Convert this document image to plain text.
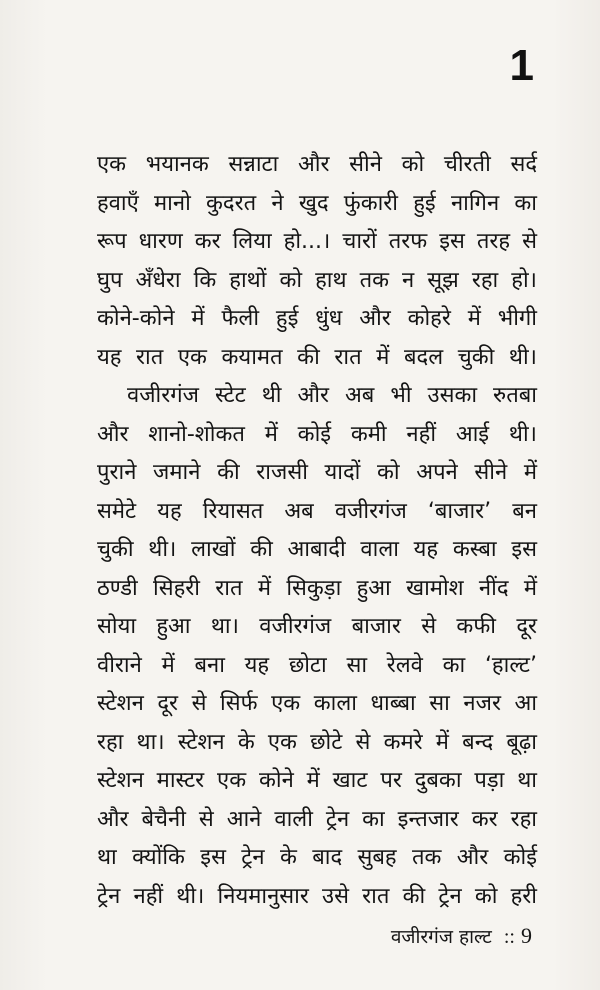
1
एक भयानक सन्नाटा और सीने को चीरती सर्द
हवाएँ मानो कुदरत ने खुद फुंकारी हुई नागिन का
रूप धारण कर लिया हो...। चारों तरफ इस तरह से
घुप अँधेरा कि हाथों को हाथ तक न सूझ रहा हो।
कोने-कोने में फैली हुई धुंध और कोहरे में भीगी
यह रात एक कयामत की रात में बदल चुकी थी।
वजीरगंज स्टेट थी और अब भी उसका रुतबा
और शानो-शोकत में कोई कमी नहीं आई थी।
पुराने जमाने की राजसी यादों को अपने सीने में
समेटे यह रियासत अब वजीरगंज ‘बाजार’ बन
चुकी थी। लाखों की आबादी वाला यह कस्बा इस
ठण्डी सिहरी रात में सिकुड़ा हुआ खामोश नींद में
सोया हुआ था। वजीरगंज बाजार से कफी दूर
वीराने में बना यह छोटा सा रेलवे का ‘हाल्ट’
स्टेशन दूर से सिर्फ एक काला धाब्बा सा नजर आ
रहा था। स्टेशन के एक छोटे से कमरे में बन्द बूढ़ा
स्टेशन मास्टर एक कोने में खाट पर दुबका पड़ा था
और बेचैनी से आने वाली ट्रेन का इन्तजार कर रहा
था क्योंकि इस ट्रेन के बाद सुबह तक और कोई
ट्रेन नहीं थी। नियमानुसार उसे रात की ट्रेन को हरी
वजीरगंज हाल्ट :: 9
